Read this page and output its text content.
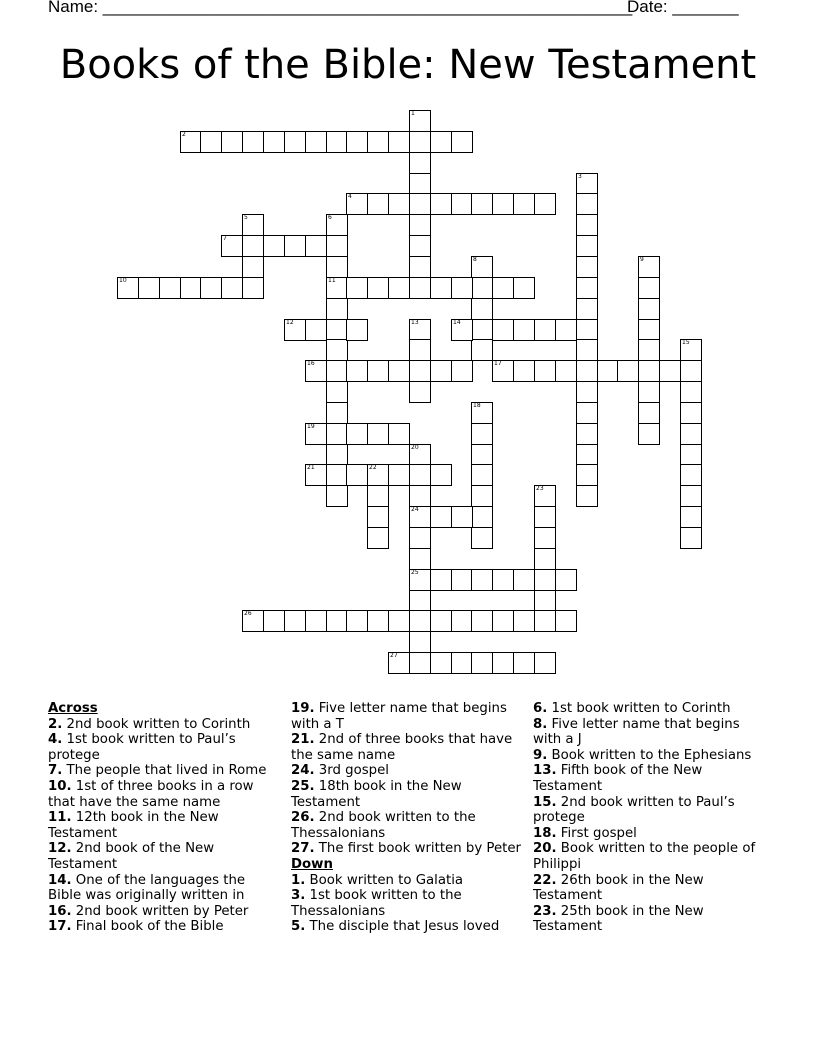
Name: ________________________________________________________
Date: _______
Books of the Bible: New Testament
1
2
3
4
5	6
11
7
8	9
10
12	13	14
15
16	17
18
19
20
24
25
21	22
23
26
27
Across
2. 2nd book written to Corinth
4. 1st book written to Paul’s protege
7. The people that lived in Rome
10. 1st of three books in a row that have the same name
11. 12th book in the New Testament
12. 2nd book of the New Testament
14. One of the languages the Bible was originally written in
16. 2nd book written by Peter
17. Final book of the Bible
19. Five letter name that begins with a T
21. 2nd of three books that have the same name
24. 3rd gospel
25. 18th book in the New Testament
26. 2nd book written to the Thessalonians
27. The first book written by Peter
Down
1. Book written to Galatia
3. 1st book written to the Thessalonians
5. The disciple that Jesus loved
6. 1st book written to Corinth
8. Five letter name that begins with a J
9. Book written to the Ephesians
13. Fifth book of the New Testament
15. 2nd book written to Paul’s protege
18. First gospel
20. Book written to the people of Philippi
22. 26th book in the New Testament
23. 25th book in the New Testament
